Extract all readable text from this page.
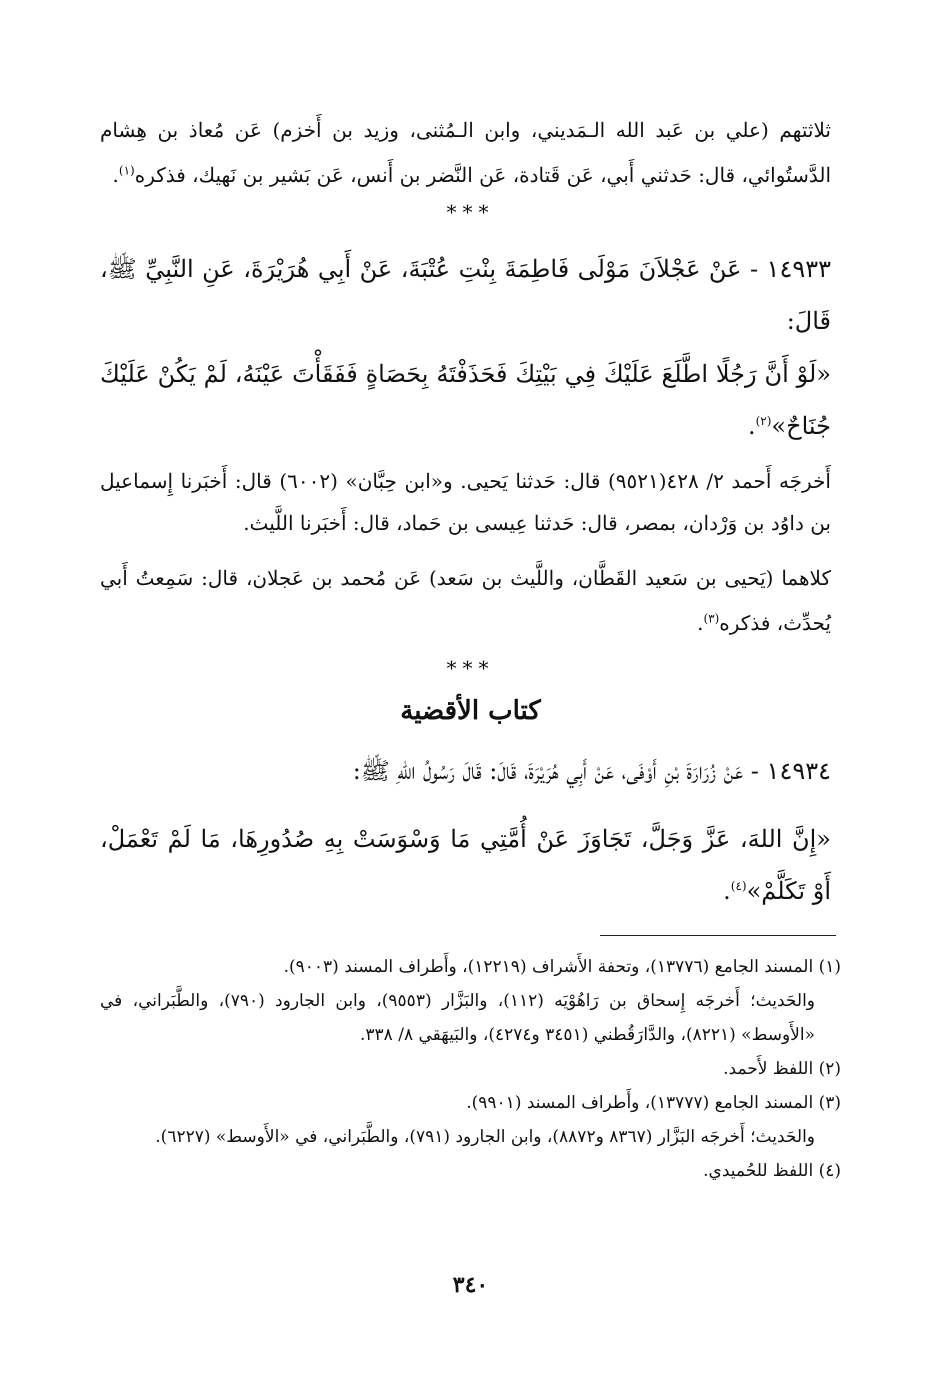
ثلاثتهم (علي بن عَبد الله الـمَديني، وابن الـمُثنى، وزيد بن أَخزم) عَن مُعاذ بن هِشام الدَّستُوائي، قال: حَدثني أَبي، عَن قَتادة، عَن النَّضر بن أَنس، عَن بَشير بن نَهيك، فذكره$^{(١)}$.
***
١٤٩٣٣ - عَنْ عَجْلاَنَ مَوْلَى فَاطِمَةَ بِنْتِ عُتْبَةَ، عَنْ أَبِي هُرَيْرَةَ، عَنِ النَّبِيِّ ﷺ، قَالَ:
«لَوْ أَنَّ رَجُلًا اطَّلَعَ عَلَيْكَ فِي بَيْتِكَ فَحَذَفْتَهُ بِحَصَاةٍ فَفَقَأْتَ عَيْنَهُ، لَمْ يَكُنْ عَلَيْكَ جُنَاحٌ»$^{(٢)}$.
أَخرجَه أَحمد ٢/ ٤٢٨(٩٥٢١) قال: حَدثنا يَحيى. و«ابن حِبَّان» (٦٠٠٢) قال: أَخبَرنا إِسماعيل بن داوُد بن وَرْدان، بمصر، قال: حَدثنا عِيسى بن حَماد، قال: أَخبَرنا اللَّيث.
كلاهما (يَحيى بن سَعيد القَطَّان، واللَّيث بن سَعد) عَن مُحمد بن عَجلان، قال: سَمِعتُ أَبي يُحدِّث، فذكره$^{(٣)}$.
***
كتاب الأقضية
١٤٩٣٤ - عَنْ زُرَارَةَ بْنِ أَوْفَى، عَنْ أَبِي هُرَيْرَةَ، قَالَ: قَالَ رَسُولُ اللهِ ﷺ:
«إِنَّ اللهَ، عَزَّ وَجَلَّ، تَجَاوَزَ عَنْ أُمَّتِي مَا وَسْوَسَتْ بِهِ صُدُورِهَا، مَا لَمْ تَعْمَلْ، أَوْ تَكَلَّمْ»$^{(٤)}$.
(١) المسند الجامع (١٣٧٧٦)، وتحفة الأَشراف (١٢٢١٩)، وأَطراف المسند (٩٠٠٣).
والحَديث؛ أَخرجَه إِسحاق بن رَاهُوْيَه (١١٢)، والبَزَّار (٩٥٥٣)، وابن الجارود (٧٩٠)، والطَّبَراني، في «الأَوسط» (٨٢٢١)، والدَّارَقُطني (٣٤٥١ و٤٢٧٤)، والبَيهَقي ٨/ ٣٣٨.
(٢) اللفظ لأَحمد.
(٣) المسند الجامع (١٣٧٧٧)، وأَطراف المسند (٩٩٠١).
والحَديث؛ أَخرجَه البَزَّار (٨٣٦٧ و٨٨٧٢)، وابن الجارود (٧٩١)، والطَّبَراني، في «الأَوسط» (٦٢٢٧).
(٤) اللفظ للحُميدي.
٣٤٠
